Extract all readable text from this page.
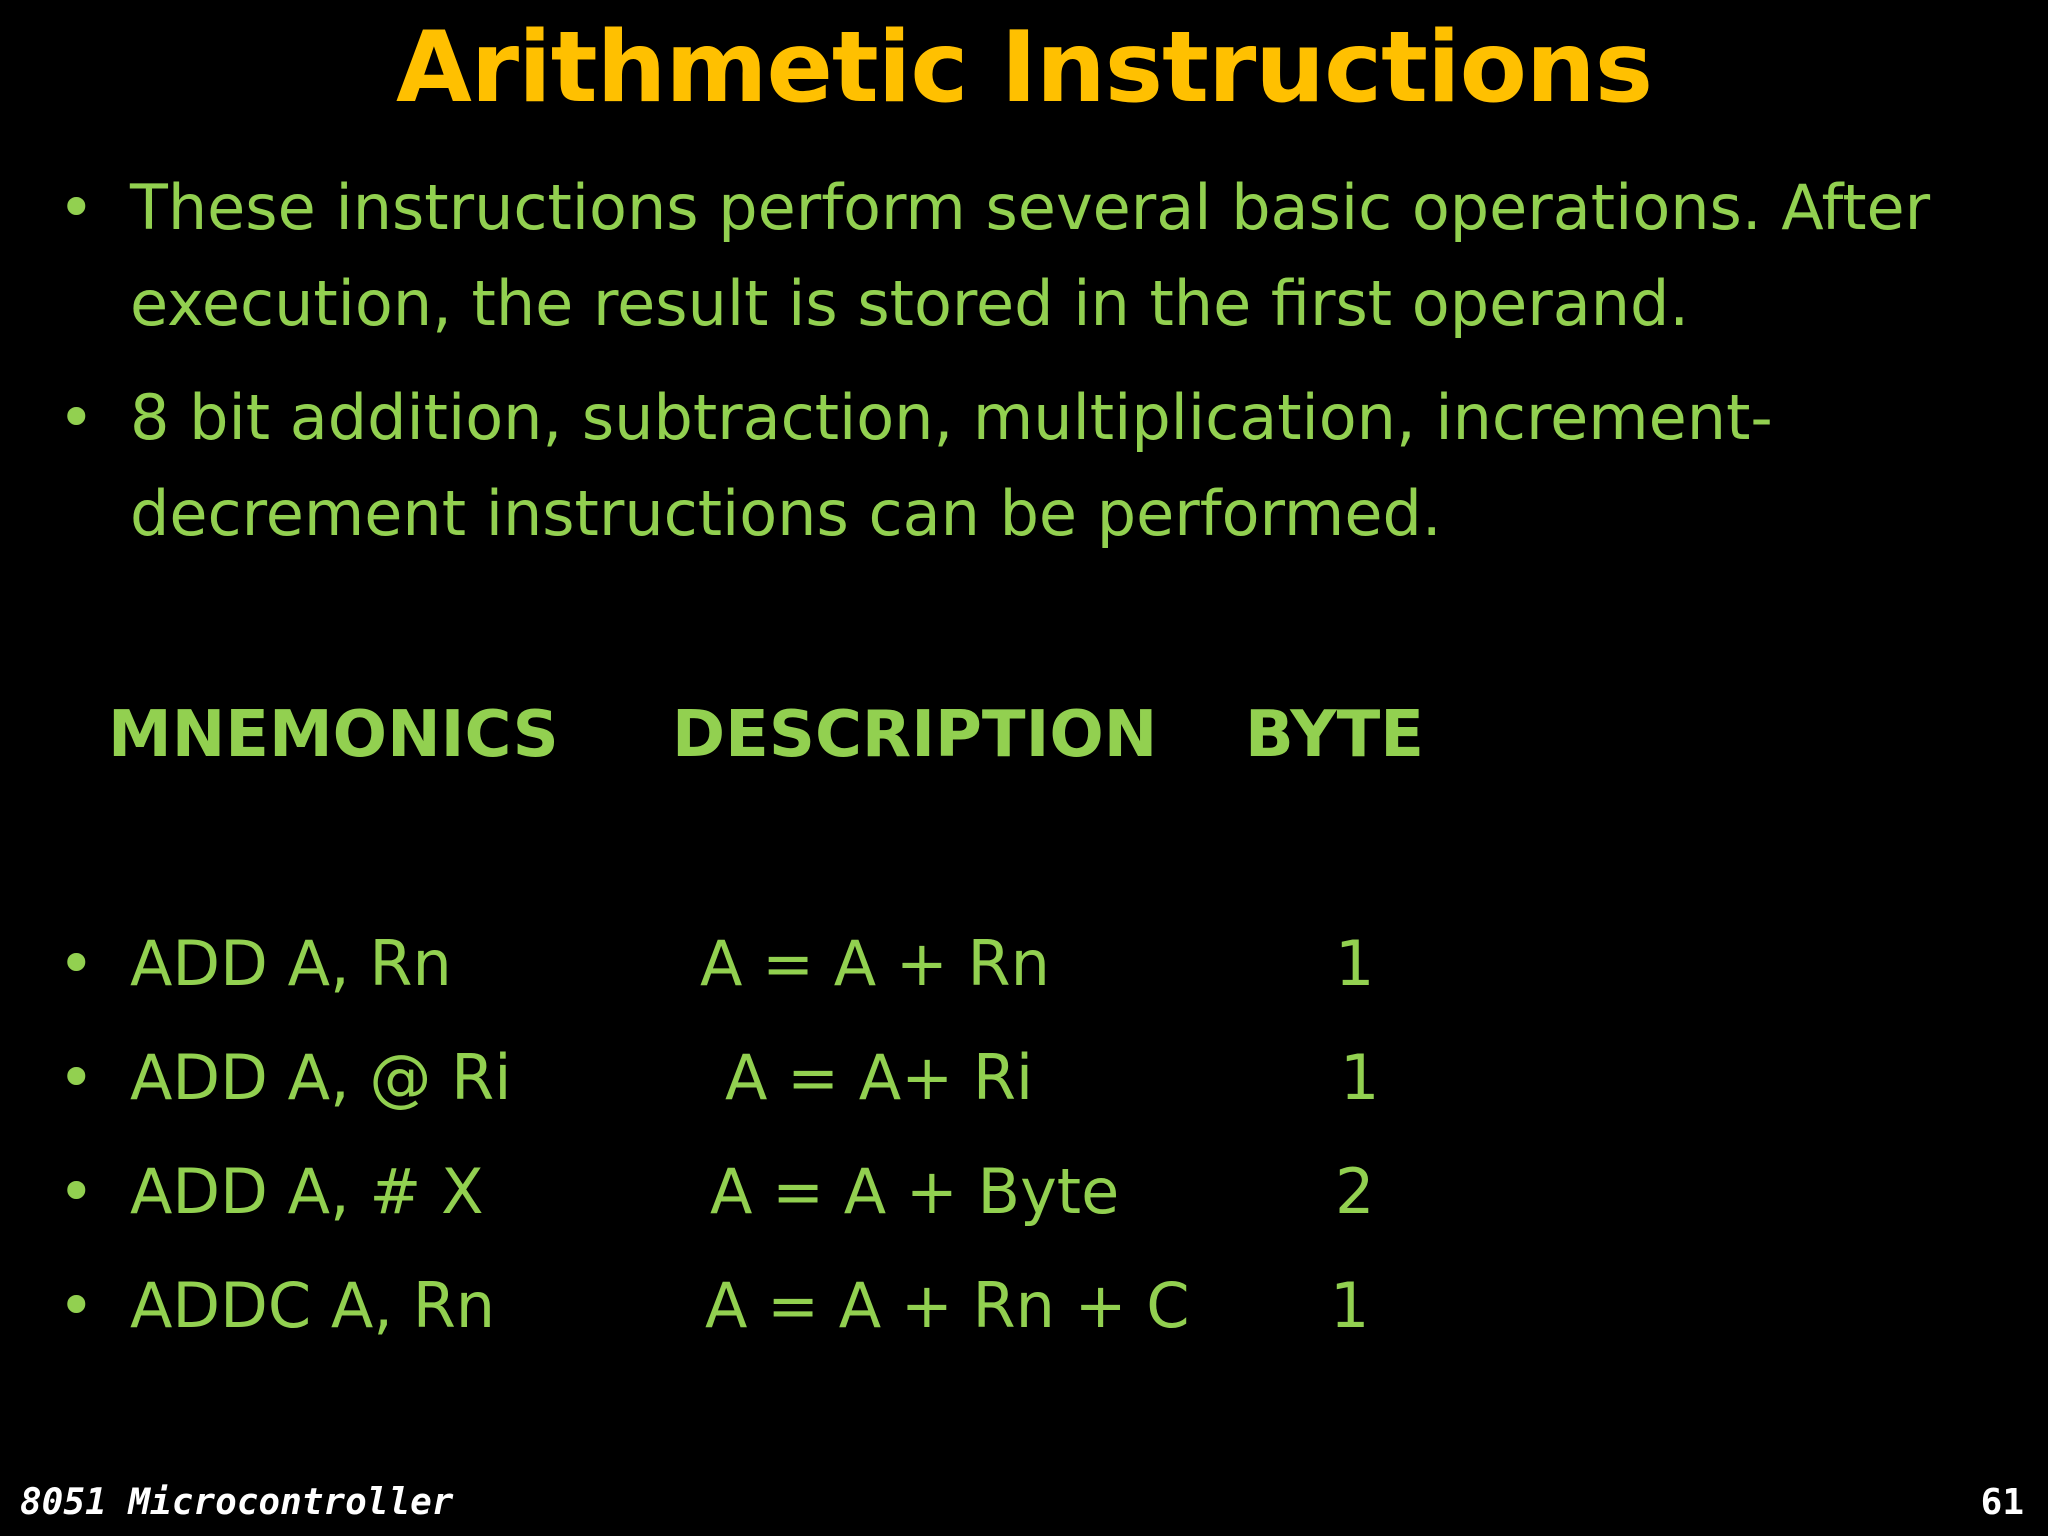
Arithmetic Instructions
• These instructions perform several basic operations. After execution, the result is stored in the first operand.
• 8 bit addition, subtraction, multiplication, increment-decrement instructions can be performed.
MNEMONICS DESCRIPTION BYTE
• ADD A, Rn	A = A + Rn	1
• ADD A, @ Ri	A = A+ Ri	1
• ADD A, # X	A = A + Byte	2
• ADDC A, Rn	A = A + Rn + C 1
8051 Microcontroller	61
